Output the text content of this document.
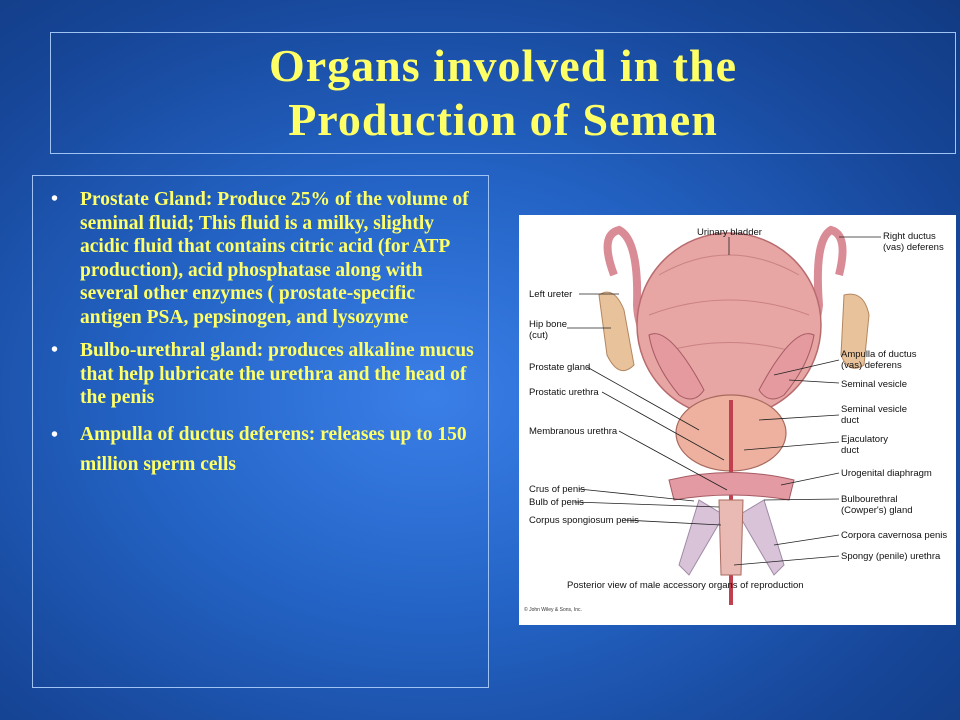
Organs involved in the
Production of Semen
• Prostate Gland: Produce 25% of the volume of seminal fluid; This fluid is a milky, slightly acidic fluid that contains citric acid (for ATP production), acid phosphatase along with several other enzymes ( prostate-specific antigen PSA, pepsinogen, and lysozyme
• Bulbo-urethral gland: produces alkaline mucus that help lubricate the urethra and the head of the penis
• Ampulla of ductus deferens: releases up to 150 million sperm cells
Urinary bladder	Right ductus
(vas) deferens
Left ureter
Hip bone
(cut)
Prostate gland
Prostatic urethra
Membranous urethra
Ampulla of ductus
(vas) deferens
Seminal vesicle
Seminal vesicle
duct
Ejaculatory
duct
Urogenital diaphragm
Crus of penis
Bulb of penis
Corpus spongiosum penis
Bulbourethral
(Cowper's) gland
Corpora cavernosa penis
Spongy (penile) urethra
Posterior view of male accessory organs of reproduction
© John Wiley & Sons, Inc.
